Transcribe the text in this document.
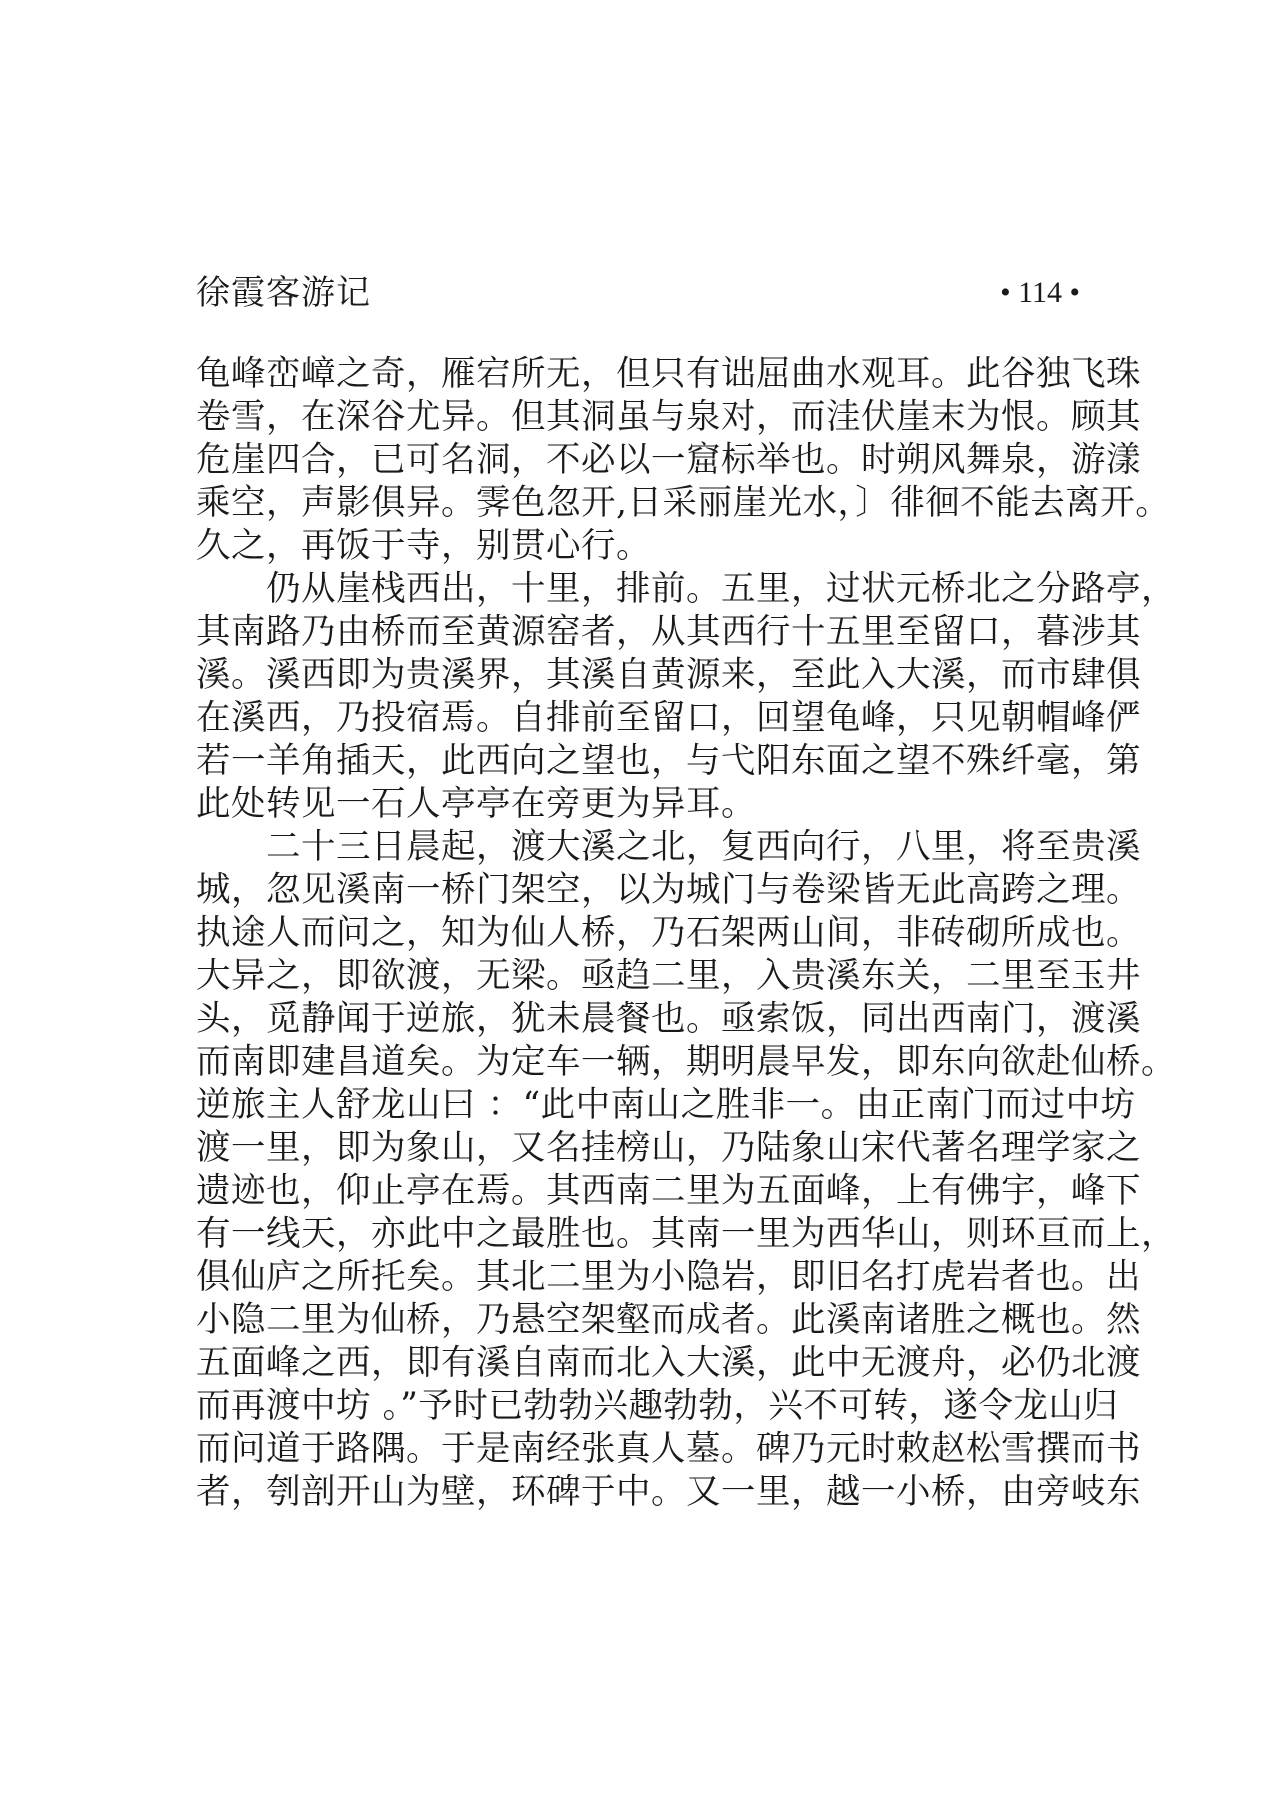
徐霞客游记	• 114 •
龟峰峦嶂之奇，雁宕所无，但只有诎屈曲水观耳。此谷独飞珠
卷雪，在深谷尤异。但其洞虽与泉对，而洼伏崖末为恨。顾其
危崖四合，已可名洞，不必以一窟标举也。时朔风舞泉，游漾
乘空，声影俱异。霁色忽开,日采丽崖光水，〕徘徊不能去离开。
久之，再饭于寺，别贯心行。
仍从崖栈西出，十里，排前。五里，过状元桥北之分路亭，
其南路乃由桥而至黄源窑者，从其西行十五里至留口，暮涉其
溪。溪西即为贵溪界，其溪自黄源来，至此入大溪，而市肆俱
在溪西，乃投宿焉。自排前至留口，回望龟峰，只见朝帽峰俨
若一羊角插天，此西向之望也，与弋阳东面之望不殊纤毫，第
此处转见一石人亭亭在旁更为异耳。
二十三日晨起，渡大溪之北，复西向行，八里，将至贵溪
城，忽见溪南一桥门架空，以为城门与卷梁皆无此高跨之理。
执途人而问之，知为仙人桥，乃石架两山间，非砖砌所成也。
大异之，即欲渡，无梁。亟趋二里，入贵溪东关，二里至玉井
头，觅静闻于逆旅，犹未晨餐也。亟索饭，同出西南门，渡溪
而南即建昌道矣。为定车一辆，期明晨早发，即东向欲赴仙桥。
逆旅主人舒龙山曰 ：“此中南山之胜非一。由正南门而过中坊
渡一里，即为象山，又名挂榜山，乃陆象山宋代著名理学家之
遗迹也，仰止亭在焉。其西南二里为五面峰，上有佛宇，峰下
有一线天，亦此中之最胜也。其南一里为西华山，则环亘而上，
俱仙庐之所托矣。其北二里为小隐岩，即旧名打虎岩者也。出
小隐二里为仙桥，乃悬空架壑而成者。此溪南诸胜之概也。然
五面峰之西，即有溪自南而北入大溪，此中无渡舟，必仍北渡
而再渡中坊 。”予时已勃勃兴趣勃勃，兴不可转，遂令龙山归
而问道于路隅。于是南经张真人墓。碑乃元时敕赵松雪撰而书
者，刳剖开山为壁，环碑于中。又一里，越一小桥，由旁岐东
